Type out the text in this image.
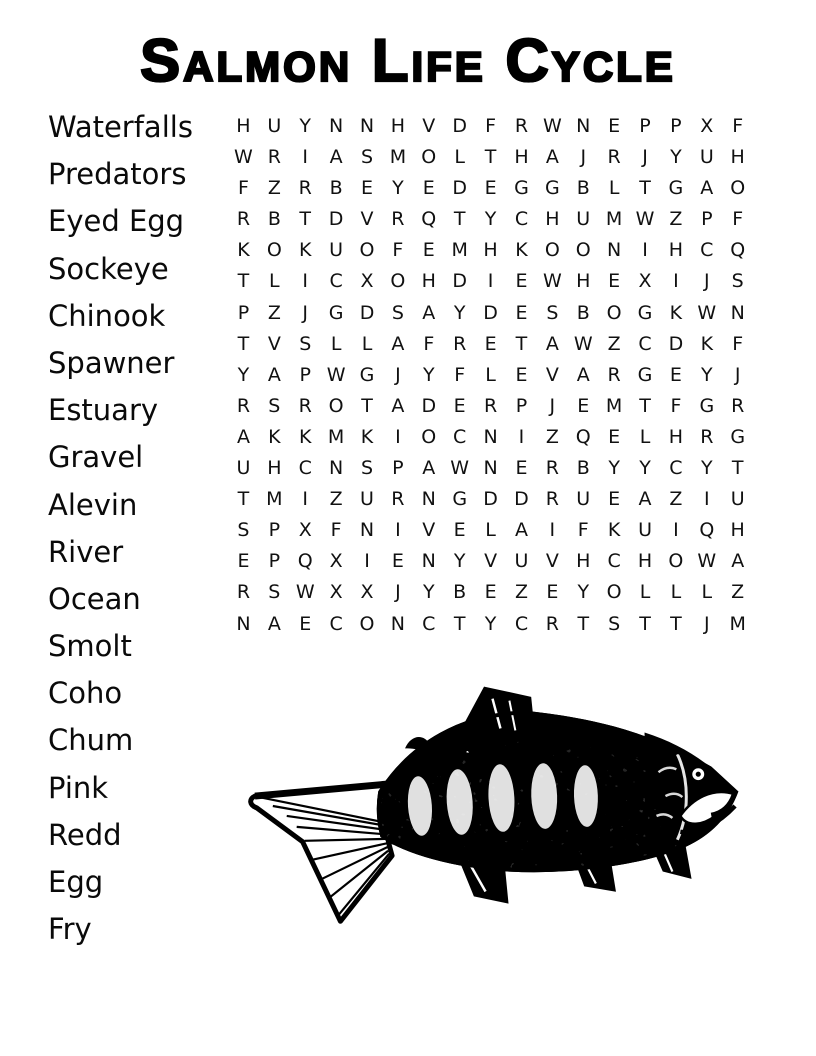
Salmon Life Cycle
Waterfalls
Predators
Eyed Egg
Sockeye
Chinook
Spawner
Estuary
Gravel
Alevin
River
Ocean
Smolt
Coho
Chum
Pink
Redd
Egg
Fry
H U Y N N H V D F R W N E	P	P X F
W R	I	A S M O L	T H A	J	R	J	Y U H
F Z R B E	Y	E D E G G B	L	T G A O
R B T D V R Q T	Y C H U M W Z P	F
K O K U O F	E M H K O O N	I	H C Q
T	L	I	C X O H D	I	E W H E X	I	J	S
P Z	J	G D S A Y D E S B O G K W N
T V S	L	L	A F R E	T A W Z C D K	F
Y A P W G	J	Y	F	L	E V A R G E	Y	J
R S R O T A D E R P	J	E M T	F G R
A K K M K	I	O C N	I	Z Q E	L H R G
U H C N S	P A W N E R B Y	Y C Y	T
T M	I	Z U R N G D D R U E A Z	I	U
S	P X F N	I	V E	L	A	I	F	K U	I	Q H
E	P Q X	I	E N Y V U V H C H O W A
R S W X X	J	Y B E Z E	Y O L	L	L	Z
N A E C O N C T	Y C R T	S	T	T	J	M
